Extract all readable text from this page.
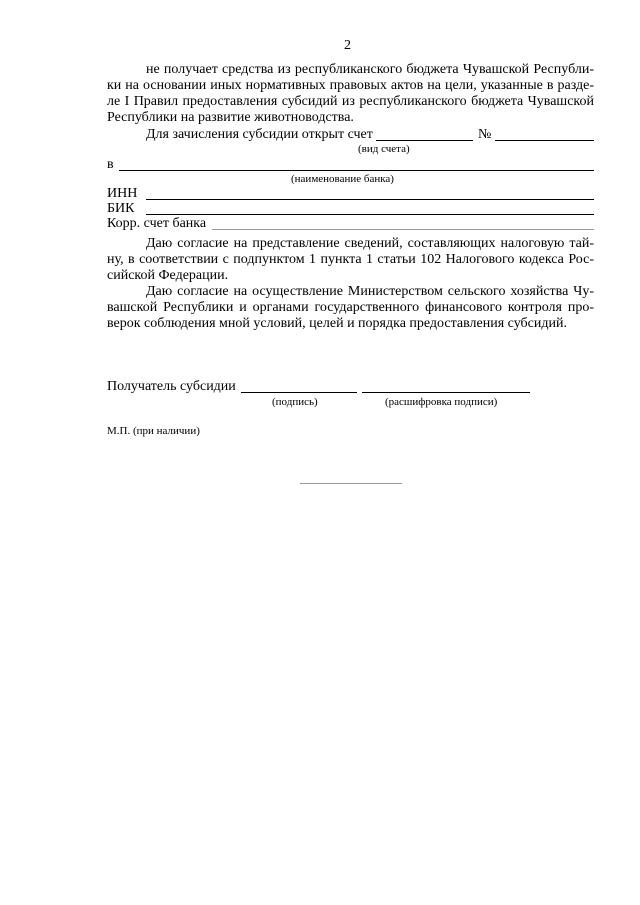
2
не получает средства из республиканского бюджета Чувашской Республи-
ки на основании иных нормативных правовых актов на цели, указанные в разде-
ле I Правил предоставления субсидий из республиканского бюджета Чувашской
Республики на развитие животноводства.
Для зачисления субсидии открыт счет	№
(вид счета)
в
(наименование банка)
ИНН
БИК
Корр. счет банка
Даю согласие на представление сведений, составляющих налоговую тай-
ну, в соответствии с подпунктом 1 пункта 1 статьи 102 Налогового кодекса Рос-
сийской Федерации.
Даю согласие на осуществление Министерством сельского хозяйства Чу-
вашской Республики и органами государственного финансового контроля про-
верок соблюдения мной условий, целей и порядка предоставления субсидий.
Получатель субсидии
(подпись)	(расшифровка подписи)
М.П. (при наличии)
